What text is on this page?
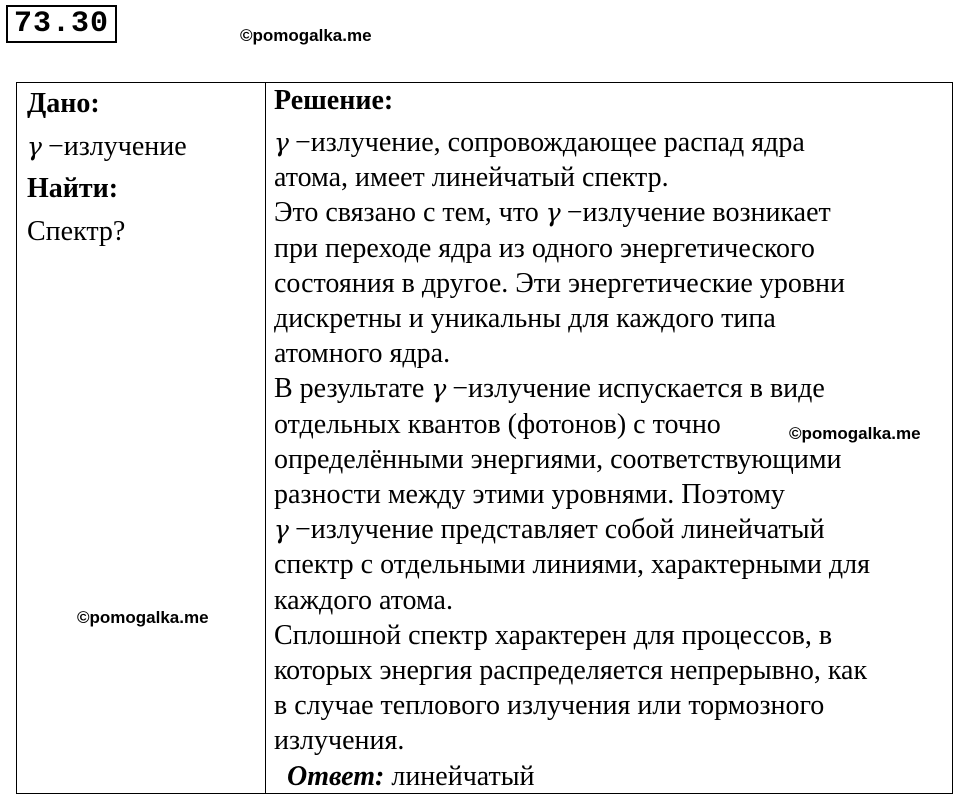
73.30	©pomogalka.me
Дано:
γ −излучение
Найти:
Спектр?
Решение:
γ −излучение, сопровождающее распад ядра
атома, имеет линейчатый спектр.
Это связано с тем, что γ −излучение возникает
при переходе ядра из одного энергетического
состояния в другое. Эти энергетические уровни
дискретны и уникальны для каждого типа
атомного ядра.
В результате γ −излучение испускается в виде
отдельных квантов (фотонов) с точно
определёнными энергиями, соответствующими
разности между этими уровнями. Поэтому
γ −излучение представляет собой линейчатый
спектр с отдельными линиями, характерными для
каждого атома.
Сплошной спектр характерен для процессов, в
которых энергия распределяется непрерывно, как
в случае теплового излучения или тормозного
излучения.
Ответ: линейчатый
©pomogalka.me
©pomogalka.me
